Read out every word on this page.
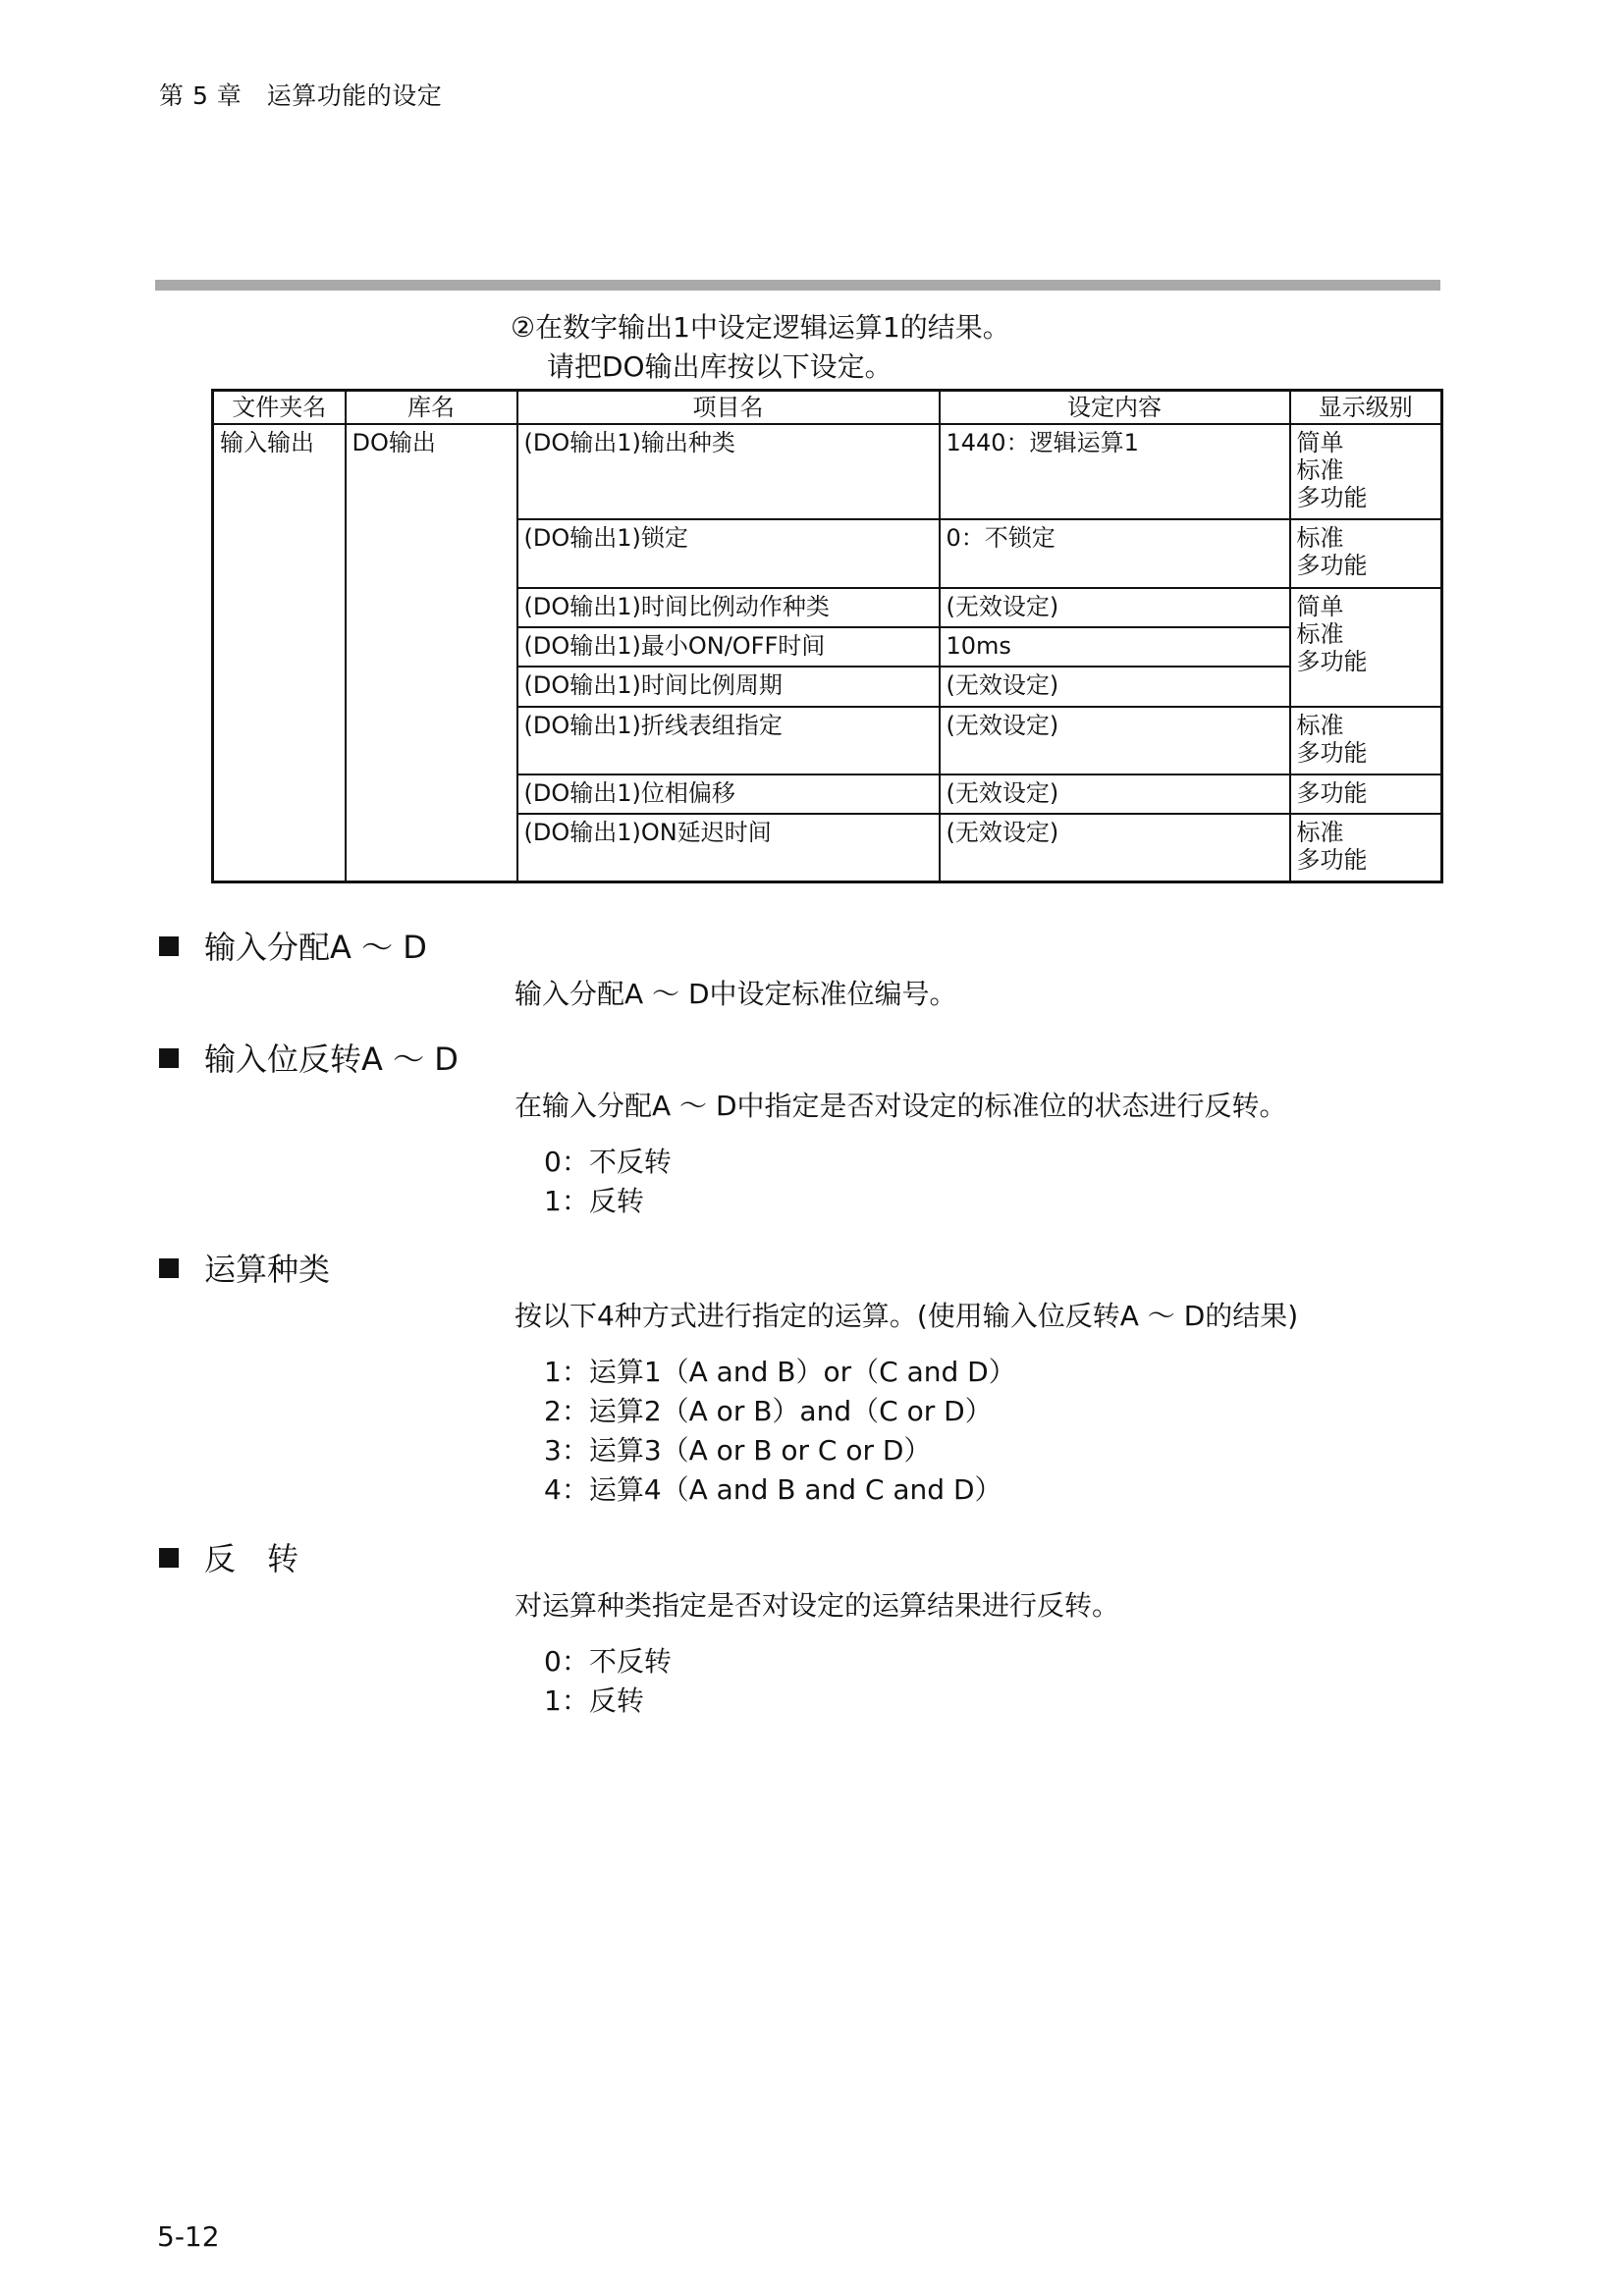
第 5 章　运算功能的设定
②在数字输出1中设定逻辑运算1的结果。
请把DO输出库按以下设定。
文件夹名	库名	项目名	设定内容	显示级别
输入输出	DO输出	(DO输出1)输出种类	1440：逻辑运算1	简单
标准
多功能

		(DO输出1)锁定	0：不锁定	标准
多功能

		(DO输出1)时间比例动作种类	(无效设定)	简单
标准
多功能

		(DO输出1)最小ON/OFF时间	10ms	
		(DO输出1)时间比例周期	(无效设定)	
		(DO输出1)折线表组指定	(无效设定)	标准
多功能

		(DO输出1)位相偏移	(无效设定)	多功能

		(DO输出1)ON延迟时间	(无效设定)	标准
多功能
输入分配A ～ D
输入分配A ～ D中设定标准位编号。
输入位反转A ～ D
在输入分配A ～ D中指定是否对设定的标准位的状态进行反转。
0：不反转
1：反转
运算种类
按以下4种方式进行指定的运算。(使用输入位反转A ～ D的结果)
1：运算1（A and B）or（C and D）
2：运算2（A or B）and（C or D）
3：运算3（A or B or C or D）
4：运算4（A and B and C and D）
反　转
对运算种类指定是否对设定的运算结果进行反转。
0：不反转
1：反转
5-12
